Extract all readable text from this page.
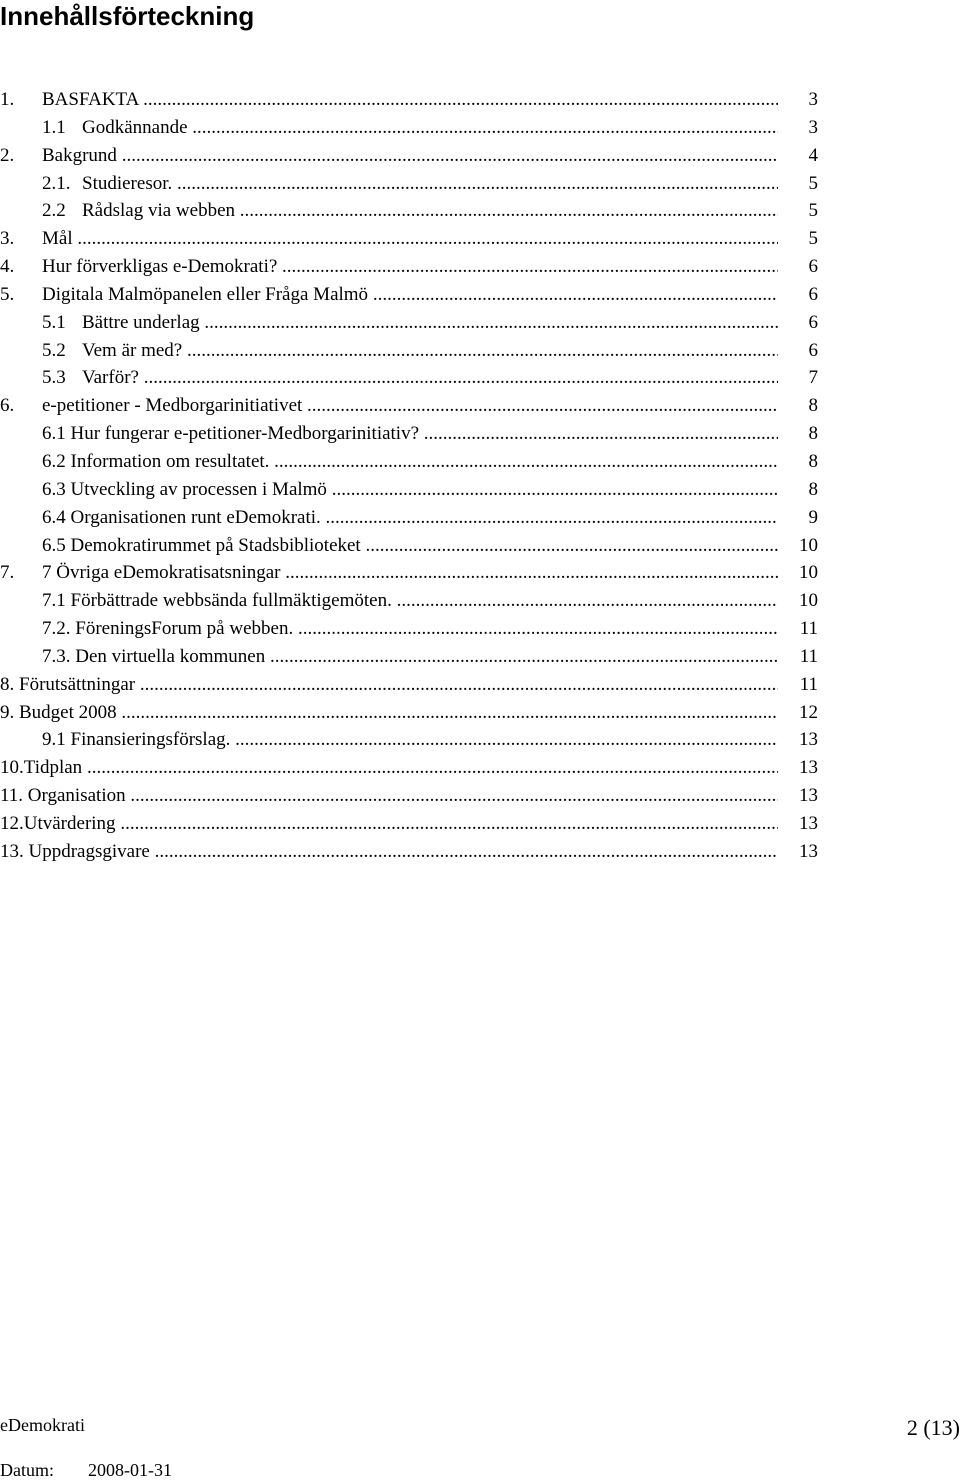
Innehållsförteckning
1. BASFAKTA .....	3
1.1 Godkännande .....	3
2. Bakgrund .....	4
2.1. Studieresor. .....	5
2.2 Rådslag via webben .....	5
3. Mål .....	5
4. Hur förverkligas e-Demokrati? .....	6
5. Digitala Malmöpanelen eller Fråga Malmö .....	6
5.1 Bättre underlag .....	6
5.2 Vem är med? .....	6
5.3 Varför? .....	7
6. e-petitioner - Medborgarinitiativet .....	8
6.1 Hur fungerar e-petitioner-Medborgarinitiativ? .....	8
6.2 Information om resultatet. .....	8
6.3 Utveckling av processen i Malmö .....	8
6.4 Organisationen runt eDemokrati. .....	9
6.5 Demokratirummet på Stadsbiblioteket .....	10
7. 7 Övriga eDemokratisatsningar .....	10
7.1 Förbättrade webbsända fullmäktigemöten. .....	10
7.2. FöreningsForum på webben. .....	11
7.3. Den virtuella kommunen .....	11
8. Förutsättningar .....	11
9. Budget 2008 .....	12
9.1 Finansieringsförslag. .....	13
10.Tidplan .....	13
11. Organisation .....	13
12.Utvärdering .....	13
13. Uppdragsgivare .....	13
eDemokrati	2 (13)
Datum: 2008-01-31
